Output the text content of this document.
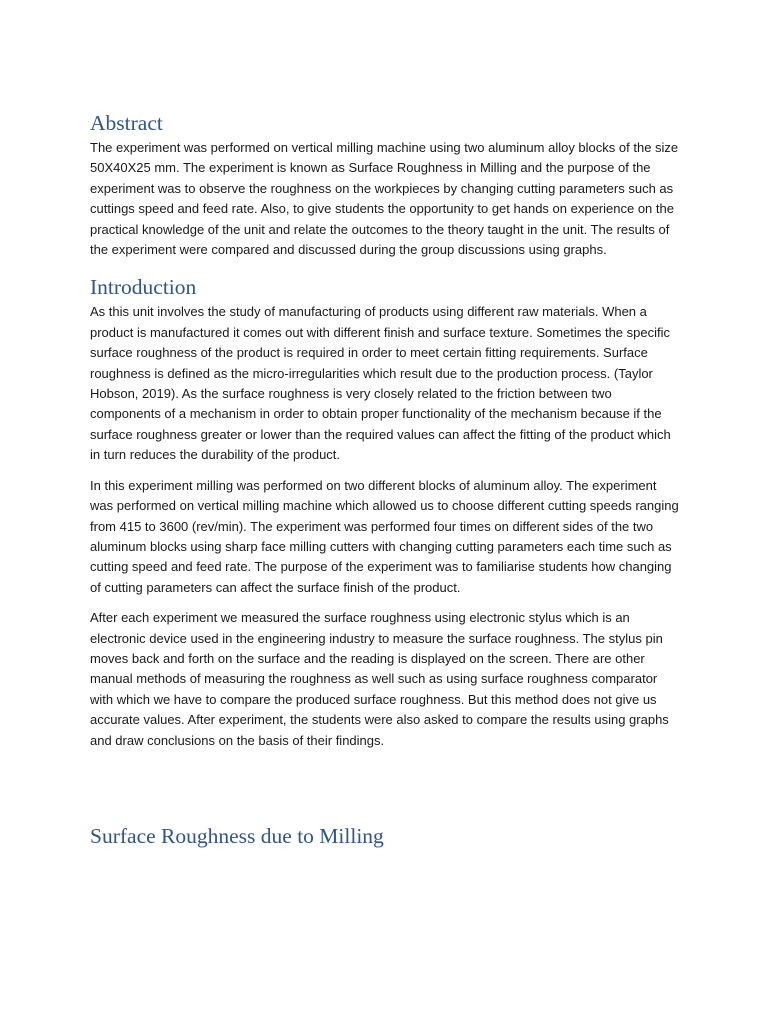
Abstract

The experiment was performed on vertical milling machine using two aluminum alloy blocks of the size 50X40X25 mm. The experiment is known as Surface Roughness in Milling and the purpose of the experiment was to observe the roughness on the workpieces by changing cutting parameters such as cuttings speed and feed rate. Also, to give students the opportunity to get hands on experience on the practical knowledge of the unit and relate the outcomes to the theory taught in the unit. The results of the experiment were compared and discussed during the group discussions using graphs.

Introduction

As this unit involves the study of manufacturing of products using different raw materials. When a product is manufactured it comes out with different finish and surface texture. Sometimes the specific surface roughness of the product is required in order to meet certain fitting requirements. Surface roughness is defined as the micro-irregularities which result due to the production process. (Taylor Hobson, 2019). As the surface roughness is very closely related to the friction between two components of a mechanism in order to obtain proper functionality of the mechanism because if the surface roughness greater or lower than the required values can affect the fitting of the product which in turn reduces the durability of the product.

In this experiment milling was performed on two different blocks of aluminum alloy. The experiment was performed on vertical milling machine which allowed us to choose different cutting speeds ranging from 415 to 3600 (rev/min). The experiment was performed four times on different sides of the two aluminum blocks using sharp face milling cutters with changing cutting parameters each time such as cutting speed and feed rate. The purpose of the experiment was to familiarise students how changing of cutting parameters can affect the surface finish of the product.

After each experiment we measured the surface roughness using electronic stylus which is an electronic device used in the engineering industry to measure the surface roughness. The stylus pin moves back and forth on the surface and the reading is displayed on the screen. There are other manual methods of measuring the roughness as well such as using surface roughness comparator with which we have to compare the produced surface roughness. But this method does not give us accurate values. After experiment, the students were also asked to compare the results using graphs and draw conclusions on the basis of their findings.

Surface Roughness due to Milling
